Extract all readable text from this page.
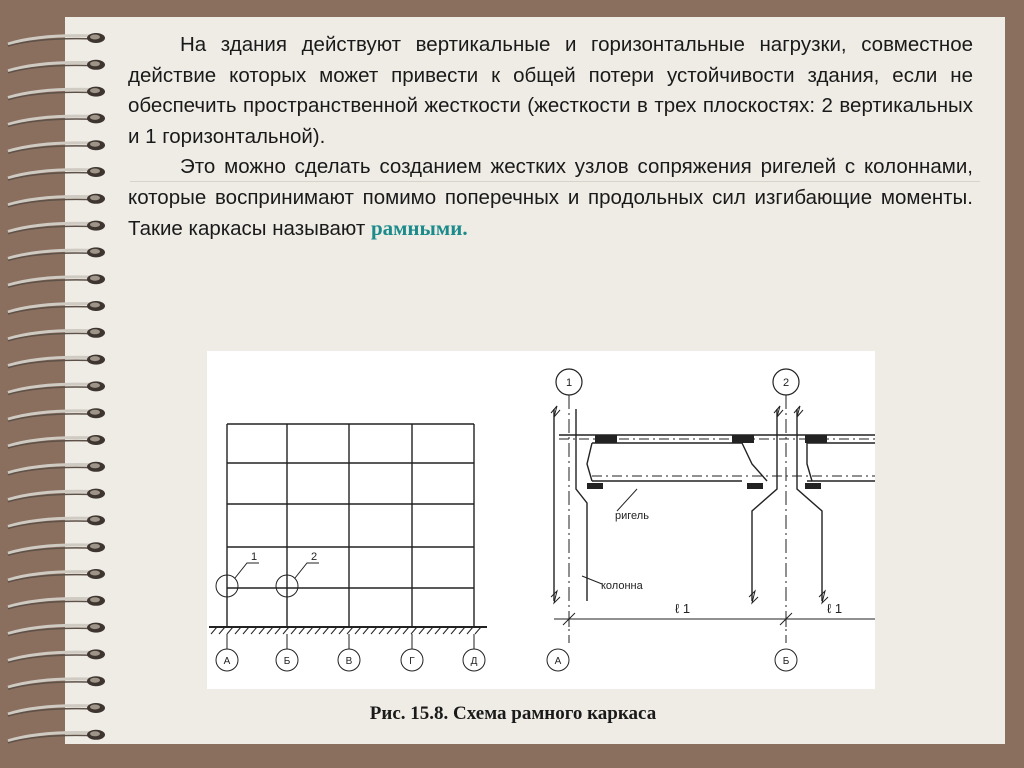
На здания действуют вертикальные и горизонтальные нагрузки, совместное действие которых может привести к общей потери устойчивости здания, если не обеспечить пространственной жесткости (жесткости в трех плоскостях: 2 вертикальных и 1 горизонтальной).

Это можно сделать созданием жестких узлов сопряжения ригелей с колоннами, которые воспринимают помимо поперечных и продольных сил изгибающие моменты. Такие каркасы называют рамными.

1	2
А	Б	В	Г	Д
1	2
А	Б
ригель
колонна
ℓ 1	ℓ 1
Рис. 15.8. Схема рамного каркаса
